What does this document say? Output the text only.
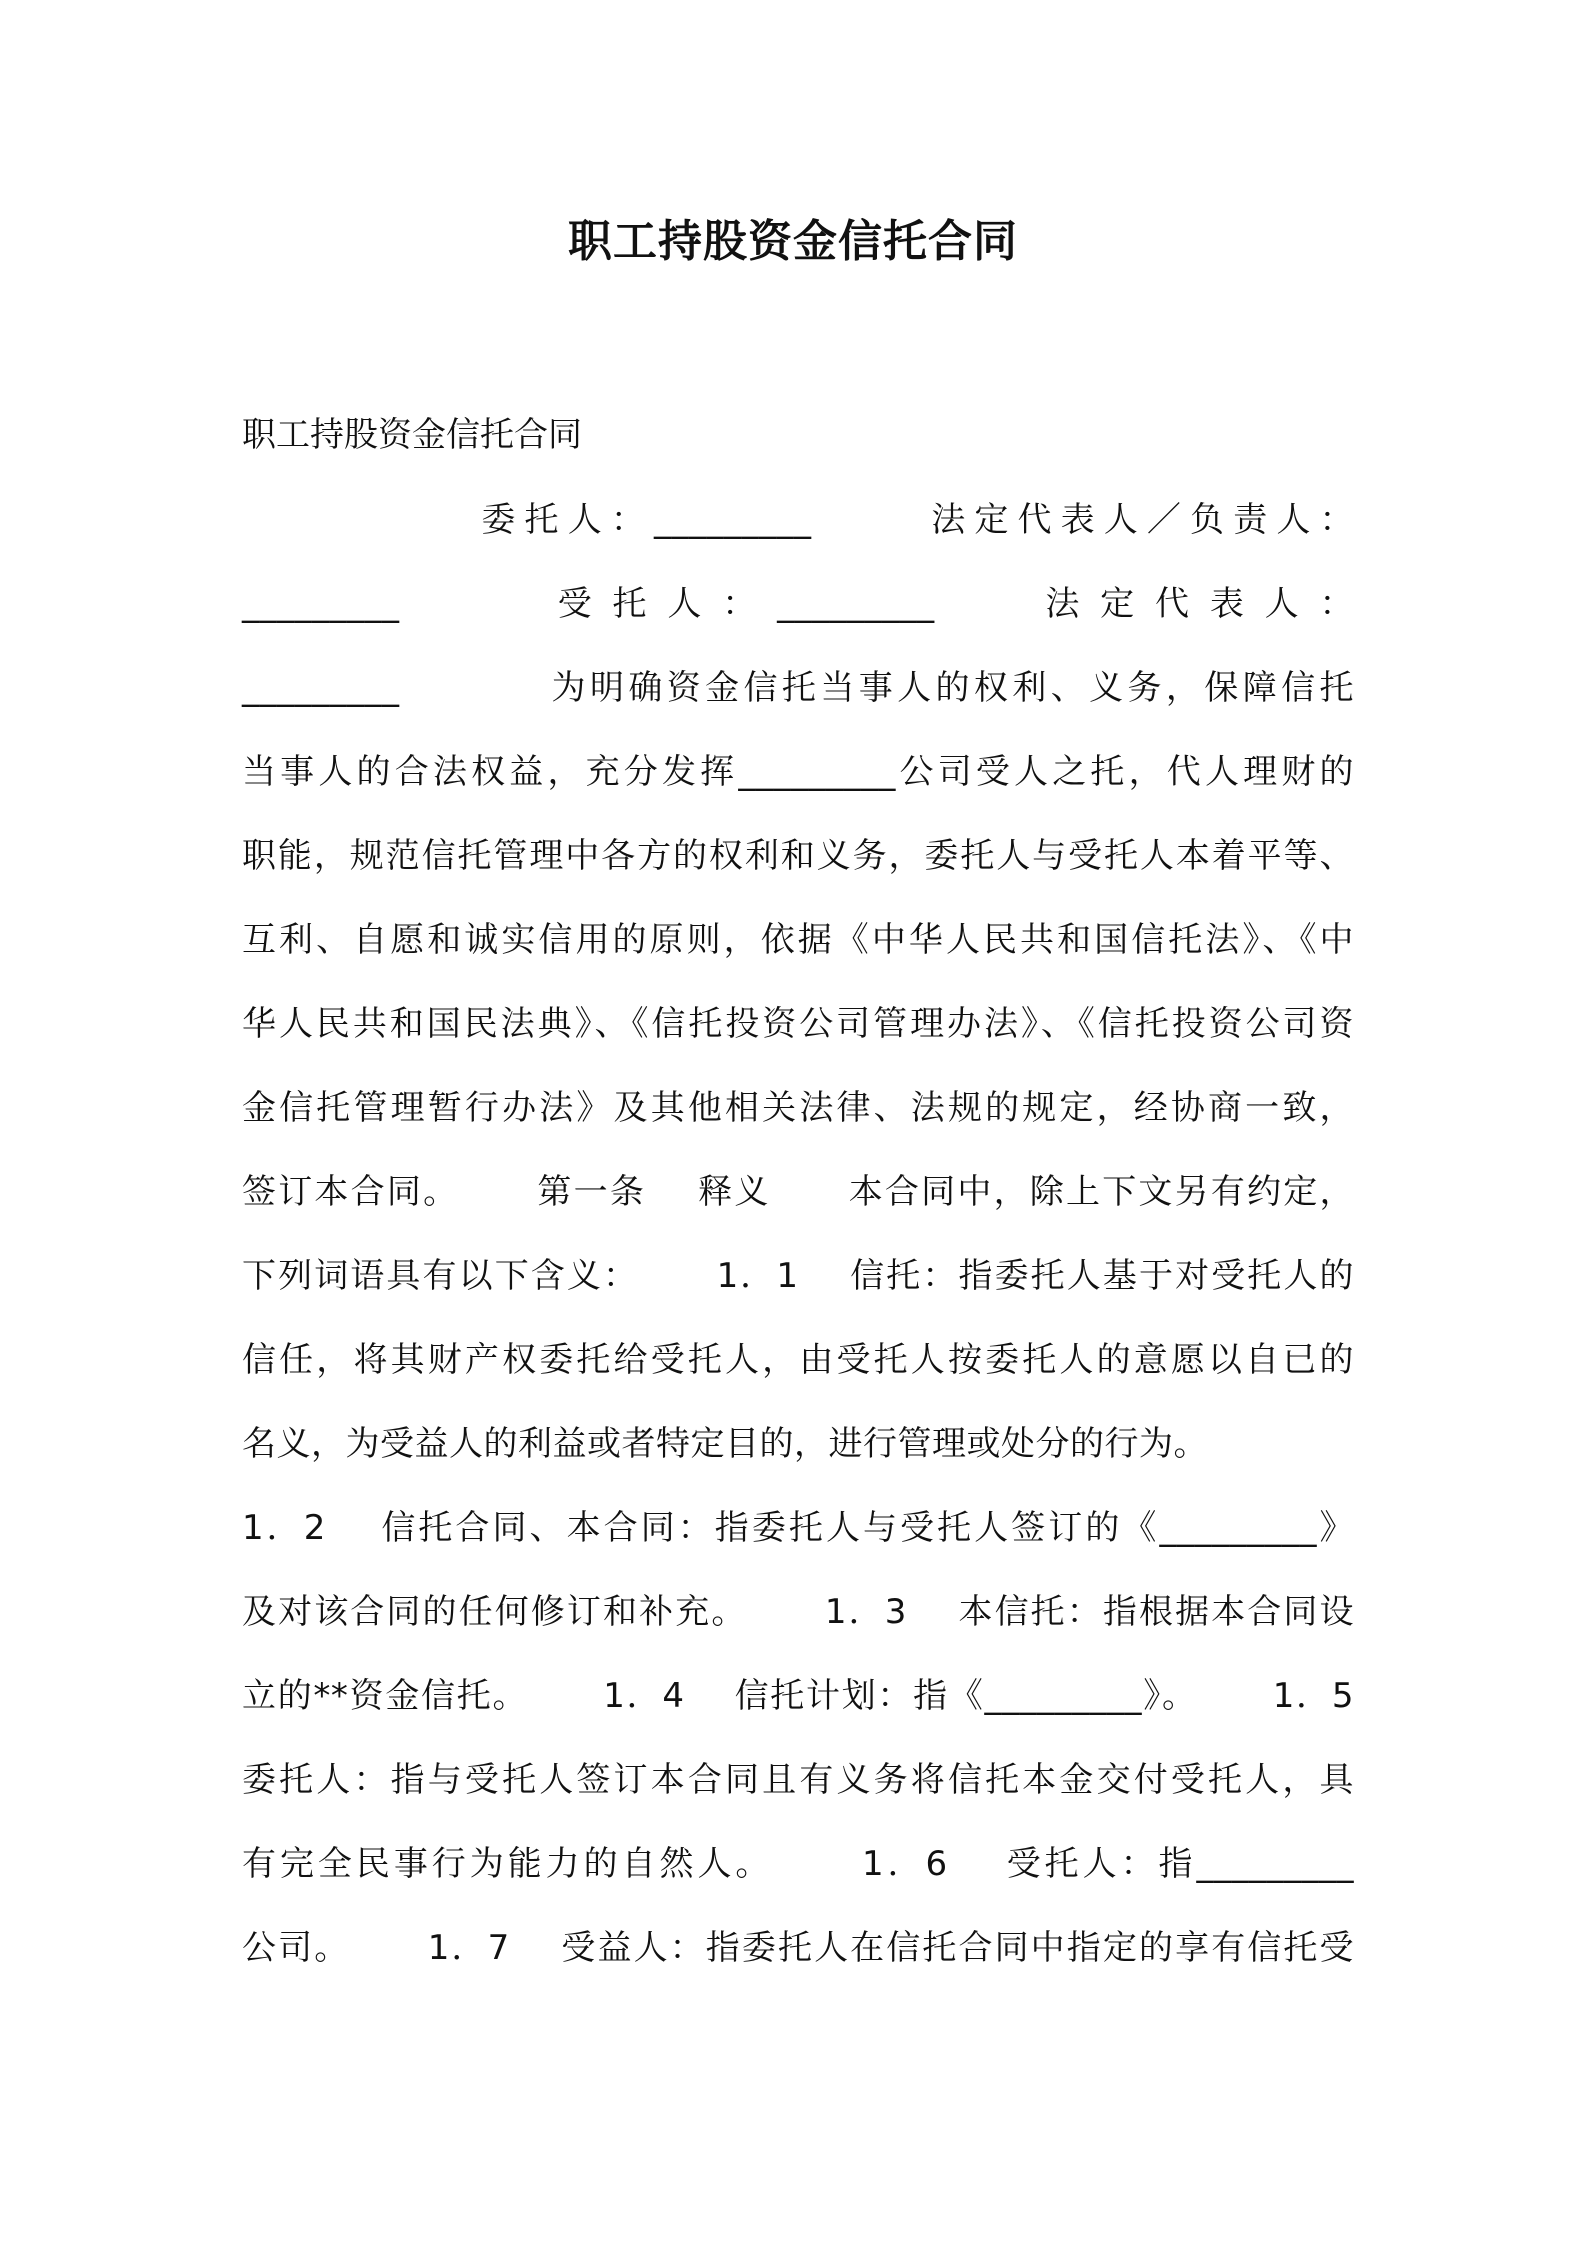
职工持股资金信托合同
职工持股资金信托合同
委托人：_________      法定代表人／负责人：
_________          受 托 人 ： _________       法 定 代 表 人 ：
_________          为明确资金信托当事人的权利、义务，保障信托
当事人的合法权益，充分发挥_________公司受人之托，代人理财的
职能，规范信托管理中各方的权利和义务，委托人与受托人本着平等、
互利、自愿和诚实信用的原则，依据《中华人民共和国信托法》、《中
华人民共和国民法典》、《信托投资公司管理办法》、《信托投资公司资
金信托管理暂行办法》及其他相关法律、法规的规定，经协商一致，
签订本合同。      第一条    释义      本合同中，除上下文另有约定，
下列词语具有以下含义：      1．1    信托：指委托人基于对受托人的
信任，将其财产权委托给受托人，由受托人按委托人的意愿以自已的
名义，为受益人的利益或者特定目的，进行管理或处分的行为。
1．2    信托合同、本合同：指委托人与受托人签订的《_________》
及对该合同的任何修订和补充。      1．3    本信托：指根据本合同设
立的**资金信托。      1．4    信托计划：指《_________》。      1．5
委托人：指与受托人签订本合同且有义务将信托本金交付受托人，具
有完全民事行为能力的自然人。      1．6    受托人：指_________
公司。      1．7    受益人：指委托人在信托合同中指定的享有信托受
